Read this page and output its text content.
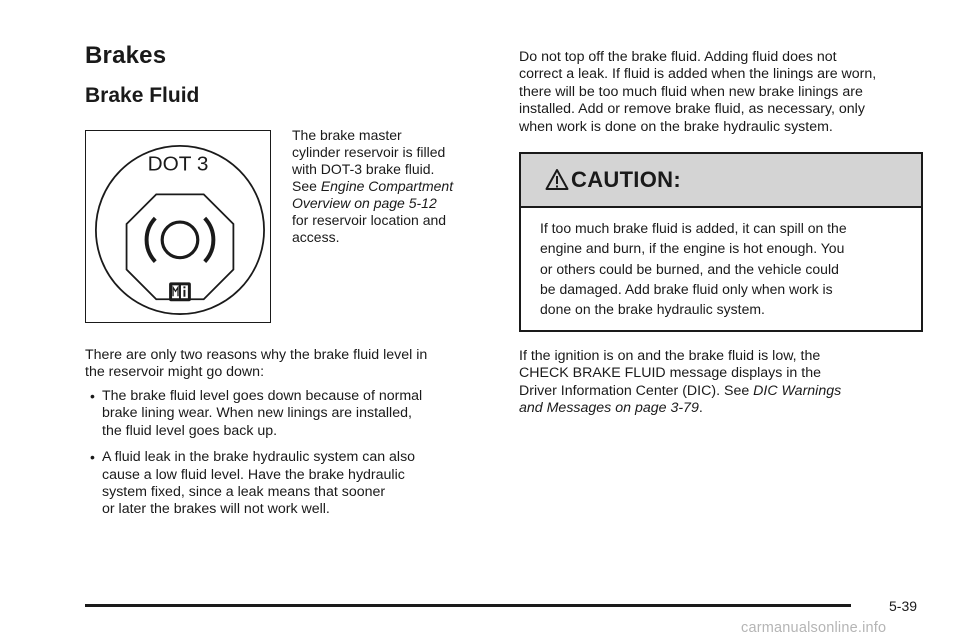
Brakes
Brake Fluid
DOT 3
The brake master
cylinder reservoir is filled
with DOT-3 brake fluid.
See Engine Compartment
Overview on page 5-12
for reservoir location and
access.
There are only two reasons why the brake fluid level in
the reservoir might go down:
• The brake fluid level goes down because of normal
brake lining wear. When new linings are installed,
the fluid level goes back up.
• A fluid leak in the brake hydraulic system can also
cause a low fluid level. Have the brake hydraulic
system fixed, since a leak means that sooner
or later the brakes will not work well.
Do not top off the brake fluid. Adding fluid does not
correct a leak. If fluid is added when the linings are worn,
there will be too much fluid when new brake linings are
installed. Add or remove brake fluid, as necessary, only
when work is done on the brake hydraulic system.
CAUTION:
If too much brake fluid is added, it can spill on the
engine and burn, if the engine is hot enough. You
or others could be burned, and the vehicle could
be damaged. Add brake fluid only when work is
done on the brake hydraulic system.
If the ignition is on and the brake fluid is low, the
CHECK BRAKE FLUID message displays in the
Driver Information Center (DIC). See DIC Warnings
and Messages on page 3-79.
5-39
carmanualsonline.info
